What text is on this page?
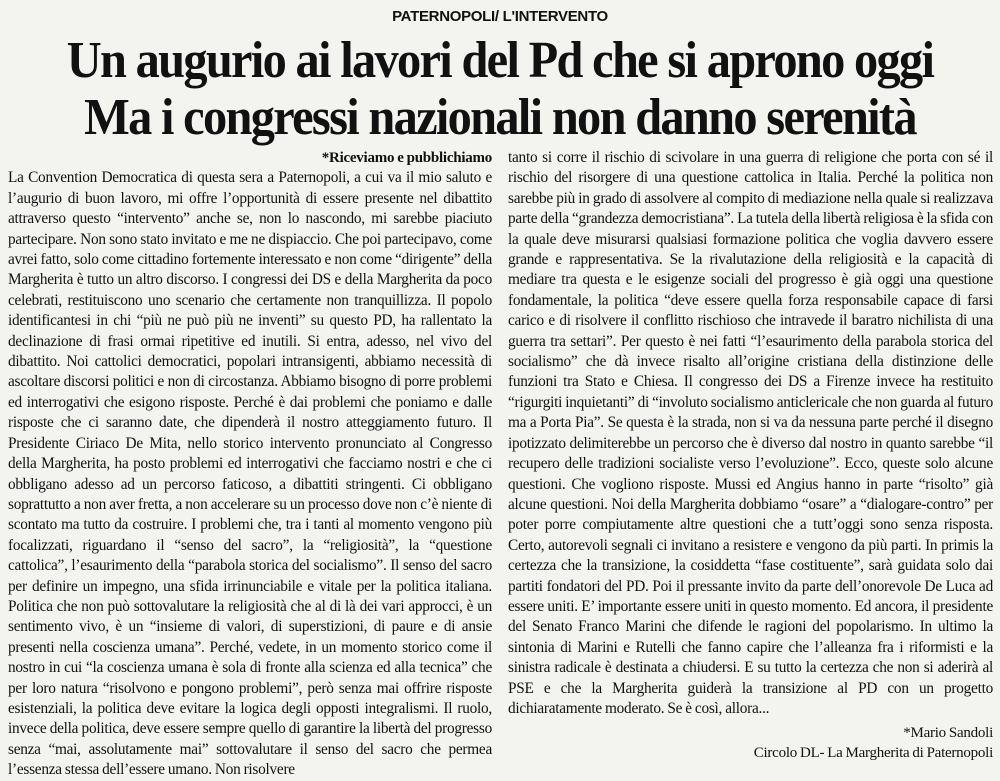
PATERNOPOLI/ L'INTERVENTO
Un augurio ai lavori del Pd che si aprono oggi
Ma i congressi nazionali non danno serenità

*Riceviamo e pubblichiamo

La Convention Democratica di questa sera a Paternopoli, a cui va il mio saluto e l’augurio di buon lavoro, mi offre l’opportunità di essere presente nel dibattito attraverso questo “intervento” anche se, non lo nascondo, mi sarebbe piaciuto partecipare. Non sono stato invitato e me ne dispiaccio. Che poi partecipavo, come avrei fatto, solo come cittadino fortemente interessato e non come “dirigente” della Margherita è tutto un altro discorso. I congressi dei DS e della Margherita da poco celebrati, restituiscono uno scenario che certamente non tranquillizza. Il popolo identificantesi in chi “più ne può più ne inventi” su questo PD, ha rallentato la declinazione di frasi ormai ripetitive ed inutili. Si entra, adesso, nel vivo del dibattito. Noi cattolici democratici, popolari intransigenti, abbiamo necessità di ascoltare discorsi politici e non di circostanza. Abbiamo bisogno di porre problemi ed interrogativi che esigono risposte. Perché è dai problemi che poniamo e dalle risposte che ci saranno date, che dipenderà il nostro atteggiamento futuro. Il Presidente Ciriaco De Mita, nello storico intervento pronunciato al Congresso della Margherita, ha posto problemi ed interrogativi che facciamo nostri e che ci obbligano adesso ad un percorso faticoso, a dibattiti stringenti. Ci obbligano soprattutto a non aver fretta, a non accelerare su un processo dove non c’è niente di scontato ma tutto da costruire. I problemi che, tra i tanti al momento vengono più focalizzati, riguardano il “senso del sacro”, la “religiosità”, la “questione cattolica”, l’esaurimento della “parabola storica del socialismo”. Il senso del sacro per definire un impegno, una sfida irrinunciabile e vitale per la politica italiana. Politica che non può sottovalutare la religiosità che al di là dei vari approcci, è un sentimento vivo, è un “insieme di valori, di superstizioni, di paure e di ansie presenti nella coscienza umana”. Perché, vedete, in un momento storico come il nostro in cui “la coscienza umana è sola di fronte alla scienza ed alla tecnica” che per loro natura “risolvono e pongono problemi”, però senza mai offrire risposte esistenziali, la politica deve evitare la logica degli opposti integralismi. Il ruolo, invece della politica, deve essere sempre quello di garantire la libertà del progresso senza “mai, assolutamente mai” sottovalutare il senso del sacro che permea l’essenza stessa dell’essere umano. Non risolvere

tanto si corre il rischio di scivolare in una guerra di religione che porta con sé il rischio del risorgere di una questione cattolica in Italia. Perché la politica non sarebbe più in grado di assolvere al compito di mediazione nella quale si realizzava parte della “grandezza democristiana”. La tutela della libertà religiosa è la sfida con la quale deve misurarsi qualsiasi formazione politica che voglia davvero essere grande e rappresentativa. Se la rivalutazione della religiosità e la capacità di mediare tra questa e le esigenze sociali del progresso è già oggi una questione fondamentale, la politica “deve essere quella forza responsabile capace di farsi carico e di risolvere il conflitto rischioso che intravede il baratro nichilista di una guerra tra settari”. Per questo è nei fatti “l’esaurimento della parabola storica del socialismo” che dà invece risalto all’origine cristiana della distinzione delle funzioni tra Stato e Chiesa. Il congresso dei DS a Firenze invece ha restituito “rigurgiti inquietanti” di “involuto socialismo anticlericale che non guarda al futuro ma a Porta Pia”. Se questa è la strada, non si va da nessuna parte perché il disegno ipotizzato delimiterebbe un percorso che è diverso dal nostro in quanto sarebbe “il recupero delle tradizioni socialiste verso l’evoluzione”. Ecco, queste solo alcune questioni. Che vogliono risposte. Mussi ed Angius hanno in parte “risolto” già alcune questioni. Noi della Margherita dobbiamo “osare” a “dialogare-contro” per poter porre compiutamente altre questioni che a tutt’oggi sono senza risposta. Certo, autorevoli segnali ci invitano a resistere e vengono da più parti. In primis la certezza che la transizione, la cosiddetta “fase costituente”, sarà guidata solo dai partiti fondatori del PD. Poi il pressante invito da parte dell’onorevole De Luca ad essere uniti. E’ importante essere uniti in questo momento. Ed ancora, il presidente del Senato Franco Marini che difende le ragioni del popolarismo. In ultimo la sintonia di Marini e Rutelli che fanno capire che l’alleanza fra i riformisti e la sinistra radicale è destinata a chiudersi. E su tutto la certezza che non si aderirà al PSE e che la Margherita guiderà la transizione al PD con un progetto dichiaratamente moderato. Se è così, allora...

*Mario Sandoli

Circolo DL- La Margherita di Paternopoli
